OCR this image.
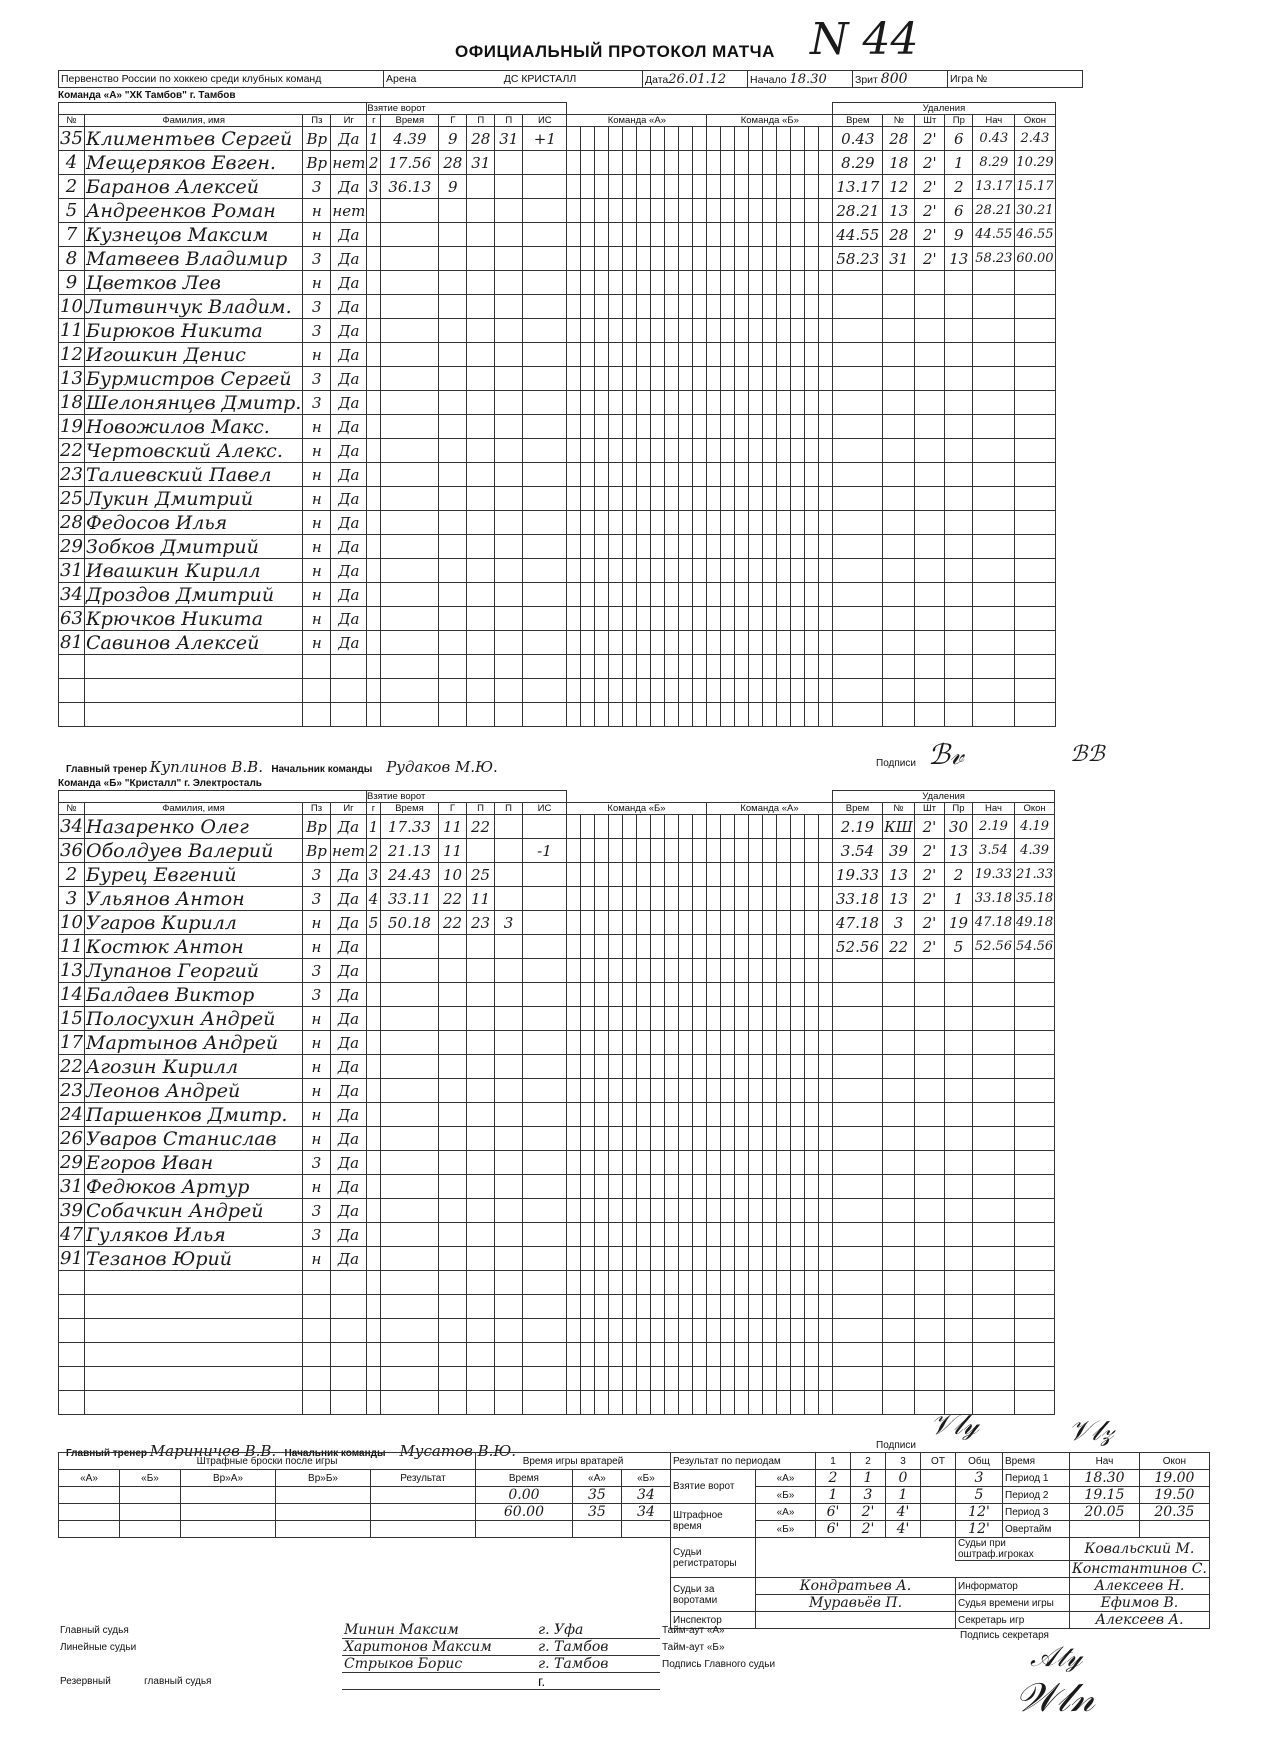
ОФИЦИАЛЬНЫЙ ПРОТОКОЛ МАТЧА N 44
Первенство России по хоккею среди клубных команд	Арена	ДС КРИСТАЛЛ	Дата26.01.12	Начало 18.30	Зрит 800	Игра №
Команда «А» "ХК Тамбов" г. Тамбов
				Взятие ворот																									Удаления					
№	Фамилия, имя	Пз	Иг	г	Время	Г	П	П	ИС	Команда «А»										Команда «Б»									Врем	№	Шт	Пр	Нач	Окон
35	Климентьев Сергей	Вр	Да	1	4.39	9	28	31	+1																				0.43	28	2'	6	0.43	2.43
4	Мещеряков Евген.	Вр	нет	2	17.56	28	31																						8.29	18	2'	1	8.29	10.29
2	Баранов Алексей	3	Да	3	36.13	9																							13.17	12	2'	2	13.17	15.17
5	Андреенков Роман	н	нет																										28.21	13	2'	6	28.21	30.21
7	Кузнецов Максим	н	Да																										44.55	28	2'	9	44.55	46.55
8	Матвеев Владимир	3	Да																										58.23	31	2'	13	58.23	60.00
9	Цветков Лев	н	Да																															
10	Литвинчук Владим.	3	Да																															
11	Бирюков Никита	3	Да																															
12	Игошкин Денис	н	Да																															
13	Бурмистров Сергей	3	Да																															
18	Шелонянцев Дмитр.	3	Да																															
19	Новожилов Макс.	н	Да																															
22	Чертовский Алекс.	н	Да																															
23	Талиевский Павел	н	Да																															
25	Лукин Дмитрий	н	Да																															
28	Федосов Илья	н	Да																															
29	Зобков Дмитрий	н	Да																															
31	Ивашкин Кирилл	н	Да																															
34	Дроздов Дмитрий	н	Да																															
63	Крючков Никита	н	Да																															
81	Савинов Алексей	н	Да																															

Главный тренер Куплинов В.В. Начальник команды Рудаков М.Ю.	Подписи ℬ𝓋	ℬℬ
Команда «Б» "Кристалл" г. Электросталь
				Взятие ворот																									Удаления					
№	Фамилия, имя	Пз	Иг	г	Время	Г	П	П	ИС	Команда «Б»										Команда «А»									Врем	№	Шт	Пр	Нач	Окон
34	Назаренко Олег	Вр	Да	1	17.33	11	22																						2.19	КШ	2'	30	2.19	4.19
36	Оболдуев Валерий	Вр	нет	2	21.13	11			-1																				3.54	39	2'	13	3.54	4.39
2	Бурец Евгений	3	Да	3	24.43	10	25																						19.33	13	2'	2	19.33	21.33
3	Ульянов Антон	3	Да	4	33.11	22	11																						33.18	13	2'	1	33.18	35.18
10	Угаров Кирилл	н	Да	5	50.18	22	23	3																					47.18	3	2'	19	47.18	49.18
11	Костюк Антон	н	Да																										52.56	22	2'	5	52.56	54.56
13	Лупанов Георгий	3	Да																															
14	Балдаев Виктор	3	Да																															
15	Полосухин Андрей	н	Да																															
17	Мартынов Андрей	н	Да																															
22	Агозин Кирилл	н	Да																															
23	Леонов Андрей	н	Да																															
24	Паршенков Дмитр.	н	Да																															
26	Уваров Станислав	н	Да																															
29	Егоров Иван	3	Да																															
31	Федюков Артур	н	Да																															
39	Собачкин Андрей	3	Да																															
47	Гуляков Илья	3	Да																															
91	Тезанов Юрий	н	Да																															

Главный тренер Мариничев В.В. Начальник команды Мусатов В.Ю.	Подписи
𝒱𝓁𝓎	𝒱𝓁𝓏
Штрафные броски после игры					Время игры вратарей			Результат по периодам		1	2	3	ОТ	Общ	Время	Нач	Окон
«А»	«Б»	Вр»А»	Вр»Б»	Результат	Время	«А»	«Б»	Взятие ворот	«А»	2	1	0		3	Период 1	18.30	19.00
					0.00	35	34		«Б»	1	3	1		5	Период 2	19.15	19.50
					60.00	35	34	Штрафное время	«А»	6'	2'	4'		12'	Период 3	20.05	20.35
									«Б»	6'	2'	4'		12'	Овертайм		
								Судьи регистраторы						Судьи при оштраф.игроках		Ковальский М.	
																Константинов С.	
								Судьи за воротами	Кондратьев А.					Информатор		Алексеев Н.	
									Муравьёв П.					Судья времени игры		Ефимов В.	
								Инспектор						Секретарь игр		Алексеев А.	
Главный судья	Минин Максим	г. Уфа	Тайм-аут «А»
Линейные судьи	Харитонов Максим	г. Тамбов	Тайм-аут «Б»
	Стрыков Борис	г. Тамбов	Подпись Главного судьи
Резервный главный судья		г.	
Подпись секретаря
𝒜𝓉𝓎
𝒲𝓁𝓃
